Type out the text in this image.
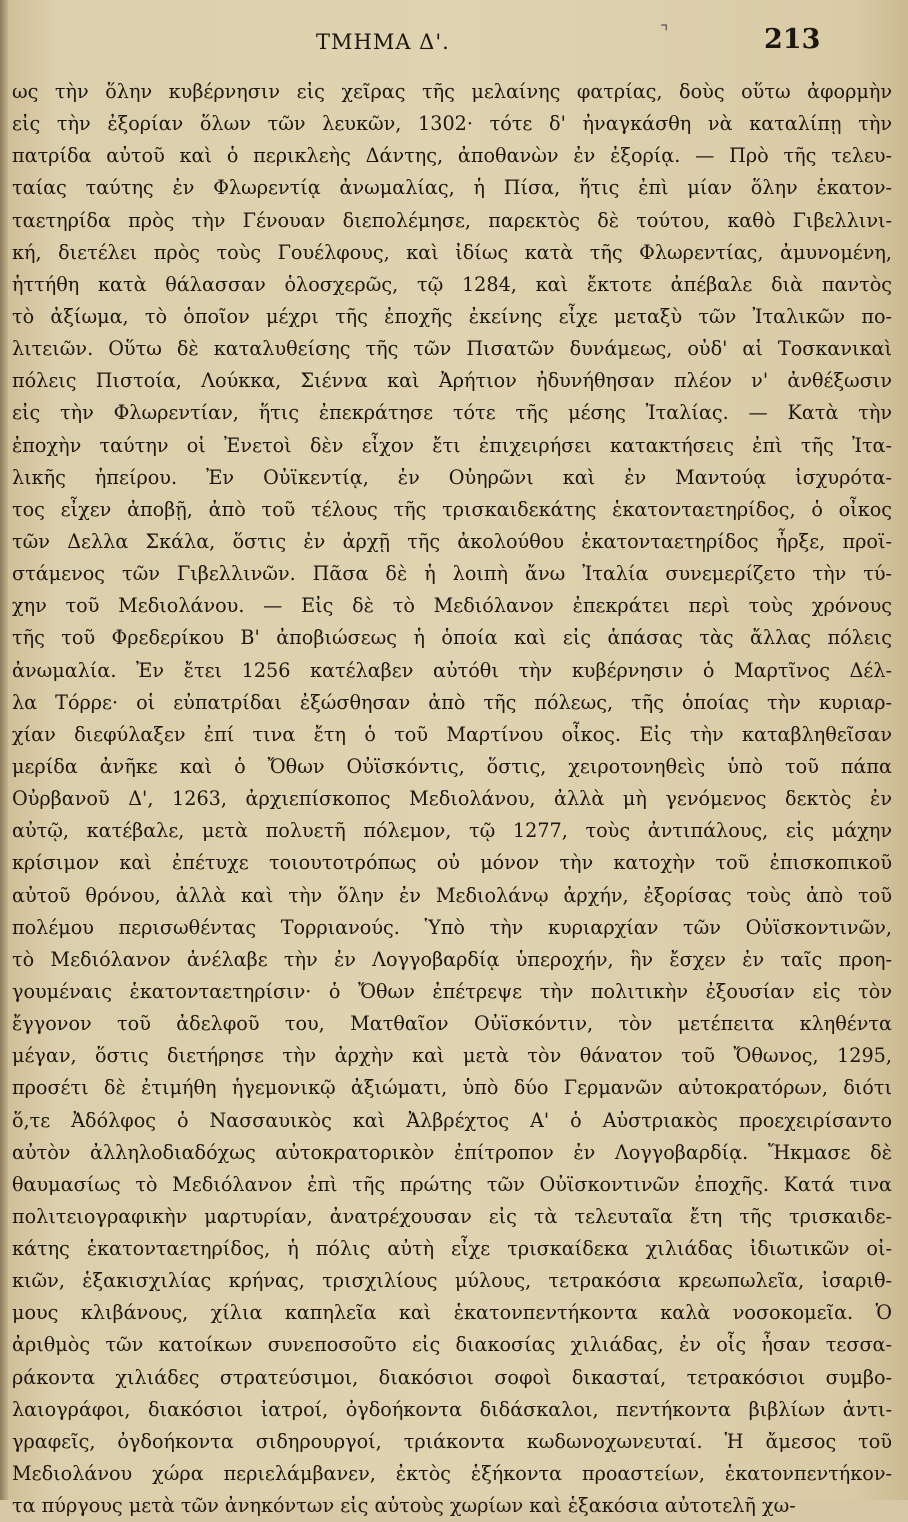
ΤΜΗΜΑ Δ'.	⌝	213
ως τὴν ὅλην κυβέρνησιν εἰς χεῖρας τῆς μελαίνης φατρίας, δοὺς οὕτω ἀφορμὴν
εἰς τὴν ἐξορίαν ὅλων τῶν λευκῶν, 1302· τότε δ' ἠναγκάσθη νὰ καταλίπῃ τὴν
πατρίδα αὐτοῦ καὶ ὁ περικλεὴς Δάντης, ἀποθανὼν ἐν ἐξορίᾳ. — Πρὸ τῆς τελευ-
ταίας ταύτης ἐν Φλωρεντίᾳ ἀνωμαλίας, ἡ Πίσα, ἥτις ἐπὶ μίαν ὅλην ἑκατον-
ταετηρίδα πρὸς τὴν Γένουαν διεπολέμησε, παρεκτὸς δὲ τούτου, καθὸ Γιβελλινι-
κή, διετέλει πρὸς τοὺς Γουέλφους, καὶ ἰδίως κατὰ τῆς Φλωρεντίας, ἀμυνομένη,
ἡττήθη κατὰ θάλασσαν ὁλοσχερῶς, τῷ 1284, καὶ ἔκτοτε ἀπέβαλε διὰ παντὸς
τὸ ἀξίωμα, τὸ ὁποῖον μέχρι τῆς ἐποχῆς ἐκείνης εἶχε μεταξὺ τῶν Ἰταλικῶν πο-
λιτειῶν. Οὕτω δὲ καταλυθείσης τῆς τῶν Πισατῶν δυνάμεως, οὐδ' αἱ Τοσκανικαὶ
πόλεις Πιστοία, Λούκκα, Σιέννα καὶ Ἀρήτιον ἠδυνήθησαν πλέον ν' ἀνθέξωσιν
εἰς τὴν Φλωρεντίαν, ἥτις ἐπεκράτησε τότε τῆς μέσης Ἰταλίας. — Κατὰ τὴν
ἐποχὴν ταύτην οἱ Ἐνετοὶ δὲν εἶχον ἔτι ἐπιχειρήσει κατακτήσεις ἐπὶ τῆς Ἰτα-
λικῆς ἠπείρου. Ἐν Οὐϊκεντίᾳ, ἐν Οὐηρῶνι καὶ ἐν Μαντούᾳ ἰσχυρότα-
τος εἶχεν ἀποβῇ, ἀπὸ τοῦ τέλους τῆς τρισκαιδεκάτης ἑκατονταετηρίδος, ὁ οἶκος
τῶν Δελλα Σκάλα, ὅστις ἐν ἀρχῇ τῆς ἀκολούθου ἑκατονταετηρίδος ἦρξε, προϊ-
στάμενος τῶν Γιβελλινῶν. Πᾶσα δὲ ἡ λοιπὴ ἄνω Ἰταλία συνεμερίζετο τὴν τύ-
χην τοῦ Μεδιολάνου. — Εἰς δὲ τὸ Μεδιόλανον ἐπεκράτει περὶ τοὺς χρόνους
τῆς τοῦ Φρεδερίκου Β' ἀποβιώσεως ἡ ὁποία καὶ εἰς ἁπάσας τὰς ἄλλας πόλεις
ἀνωμαλία. Ἐν ἔτει 1256 κατέλαβεν αὐτόθι τὴν κυβέρνησιν ὁ Μαρτῖνος Δέλ-
λα Τόρρε· οἱ εὐπατρίδαι ἐξώσθησαν ἀπὸ τῆς πόλεως, τῆς ὁποίας τὴν κυριαρ-
χίαν διεφύλαξεν ἐπί τινα ἔτη ὁ τοῦ Μαρτίνου οἶκος. Εἰς τὴν καταβληθεῖσαν
μερίδα ἀνῆκε καὶ ὁ Ὄθων Οὐϊσκόντις, ὅστις, χειροτονηθεὶς ὑπὸ τοῦ πάπα
Οὐρβανοῦ Δ', 1263, ἀρχιεπίσκοπος Μεδιολάνου, ἀλλὰ μὴ γενόμενος δεκτὸς ἐν
αὐτῷ, κατέβαλε, μετὰ πολυετῆ πόλεμον, τῷ 1277, τοὺς ἀντιπάλους, εἰς μάχην
κρίσιμον καὶ ἐπέτυχε τοιουτοτρόπως οὐ μόνον τὴν κατοχὴν τοῦ ἐπισκοπικοῦ
αὐτοῦ θρόνου, ἀλλὰ καὶ τὴν ὅλην ἐν Μεδιολάνῳ ἀρχήν, ἐξορίσας τοὺς ἀπὸ τοῦ
πολέμου περισωθέντας Τορριανούς. Ὑπὸ τὴν κυριαρχίαν τῶν Οὐϊσκοντινῶν,
τὸ Μεδιόλανον ἀνέλαβε τὴν ἐν Λογγοβαρδίᾳ ὑπεροχήν, ἣν ἔσχεν ἐν ταῖς προη-
γουμέναις ἑκατονταετηρίσιν· ὁ Ὄθων ἐπέτρεψε τὴν πολιτικὴν ἐξουσίαν εἰς τὸν
ἔγγονον τοῦ ἀδελφοῦ του, Ματθαῖον Οὐϊσκόντιν, τὸν μετέπειτα κληθέντα
μέγαν, ὅστις διετήρησε τὴν ἀρχὴν καὶ μετὰ τὸν θάνατον τοῦ Ὄθωνος, 1295,
προσέτι δὲ ἐτιμήθη ἡγεμονικῷ ἀξιώματι, ὑπὸ δύο Γερμανῶν αὐτοκρατόρων, διότι
ὅ,τε Ἀδόλφος ὁ Νασσαυικὸς καὶ Ἀλβρέχτος Α' ὁ Αὐστριακὸς προεχειρίσαντο
αὐτὸν ἀλληλοδιαδόχως αὐτοκρατορικὸν ἐπίτροπον ἐν Λογγοβαρδίᾳ. Ἤκμασε δὲ
θαυμασίως τὸ Μεδιόλανον ἐπὶ τῆς πρώτης τῶν Οὐϊσκοντινῶν ἐποχῆς. Κατά τινα
πολιτειογραφικὴν μαρτυρίαν, ἀνατρέχουσαν εἰς τὰ τελευταῖα ἔτη τῆς τρισκαιδε-
κάτης ἑκατονταετηρίδος, ἡ πόλις αὐτὴ εἶχε τρισκαίδεκα χιλιάδας ἰδιωτικῶν οἰ-
κιῶν, ἑξακισχιλίας κρήνας, τρισχιλίους μύλους, τετρακόσια κρεωπωλεῖα, ἰσαριθ-
μους κλιβάνους, χίλια καπηλεῖα καὶ ἑκατονπεντήκοντα καλὰ νοσοκομεῖα. Ὁ
ἀριθμὸς τῶν κατοίκων συνεποσοῦτο εἰς διακοσίας χιλιάδας, ἐν οἷς ἦσαν τεσσα-
ράκοντα χιλιάδες στρατεύσιμοι, διακόσιοι σοφοὶ δικασταί, τετρακόσιοι συμβο-
λαιογράφοι, διακόσιοι ἰατροί, ὀγδοήκοντα διδάσκαλοι, πεντήκοντα βιβλίων ἀντι-
γραφεῖς, ὀγδοήκοντα σιδηρουργοί, τριάκοντα κωδωνοχωνευταί. Ἡ ἄμεσος τοῦ
Μεδιολάνου χώρα περιελάμβανεν, ἐκτὸς ἑξήκοντα προαστείων, ἑκατονπεντήκον-
τα πύργους μετὰ τῶν ἀνηκόντων εἰς αὐτοὺς χωρίων καὶ ἑξακόσια αὐτοτελῆ χω-
